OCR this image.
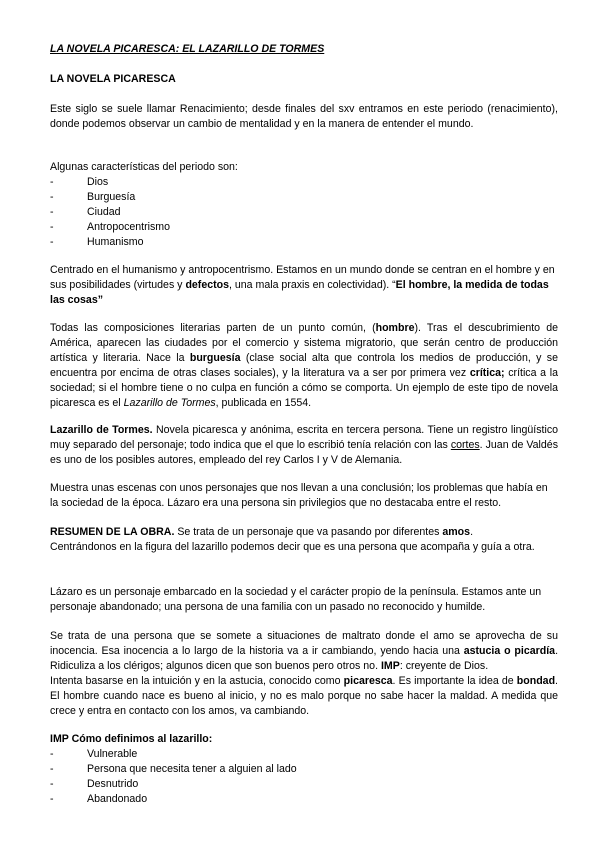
LA NOVELA PICARESCA: EL LAZARILLO DE TORMES
LA NOVELA PICARESCA
Este siglo se suele llamar Renacimiento; desde finales del sxv entramos en este periodo (renacimiento), donde podemos observar un cambio de mentalidad y en la manera de entender el mundo.
Algunas características del periodo son:
-	Dios
-	Burguesía
-	Ciudad
-	Antropocentrismo
-	Humanismo
Centrado en el humanismo y antropocentrismo. Estamos en un mundo donde se centran en el hombre y en sus posibilidades (virtudes y defectos, una mala praxis en colectividad). “El hombre, la medida de todas las cosas”
Todas las composiciones literarias parten de un punto común, (hombre). Tras el descubrimiento de América, aparecen las ciudades por el comercio y sistema migratorio, que serán centro de producción artística y literaria. Nace la burguesía (clase social alta que controla los medios de producción, y se encuentra por encima de otras clases sociales), y la literatura va a ser por primera vez crítica; crítica a la sociedad; si el hombre tiene o no culpa en función a cómo se comporta. Un ejemplo de este tipo de novela picaresca es el Lazarillo de Tormes, publicada en 1554.
Lazarillo de Tormes. Novela picaresca y anónima, escrita en tercera persona. Tiene un registro lingüístico muy separado del personaje; todo indica que el que lo escribió tenía relación con las cortes. Juan de Valdés es uno de los posibles autores, empleado del rey Carlos I y V de Alemania.
Muestra unas escenas con unos personajes que nos llevan a una conclusión; los problemas que había en la sociedad de la época. Lázaro era una persona sin privilegios que no destacaba entre el resto.
RESUMEN DE LA OBRA. Se trata de un personaje que va pasando por diferentes amos.
Centrándonos en la figura del lazarillo podemos decir que es una persona que acompaña y guía a otra.
Lázaro es un personaje embarcado en la sociedad y el carácter propio de la península. Estamos ante un personaje abandonado; una persona de una familia con un pasado no reconocido y humilde.
Se trata de una persona que se somete a situaciones de maltrato donde el amo se aprovecha de su inocencia. Esa inocencia a lo largo de la historia va a ir cambiando, yendo hacia una astucia o picardía. Ridiculiza a los clérigos; algunos dicen que son buenos pero otros no. IMP: creyente de Dios.
Intenta basarse en la intuición y en la astucia, conocido como picaresca. Es importante la idea de bondad. El hombre cuando nace es bueno al inicio, y no es malo porque no sabe hacer la maldad. A medida que crece y entra en contacto con los amos, va cambiando.
IMP Cómo definimos al lazarillo:
-	Vulnerable
-	Persona que necesita tener a alguien al lado
-	Desnutrido
-	Abandonado
